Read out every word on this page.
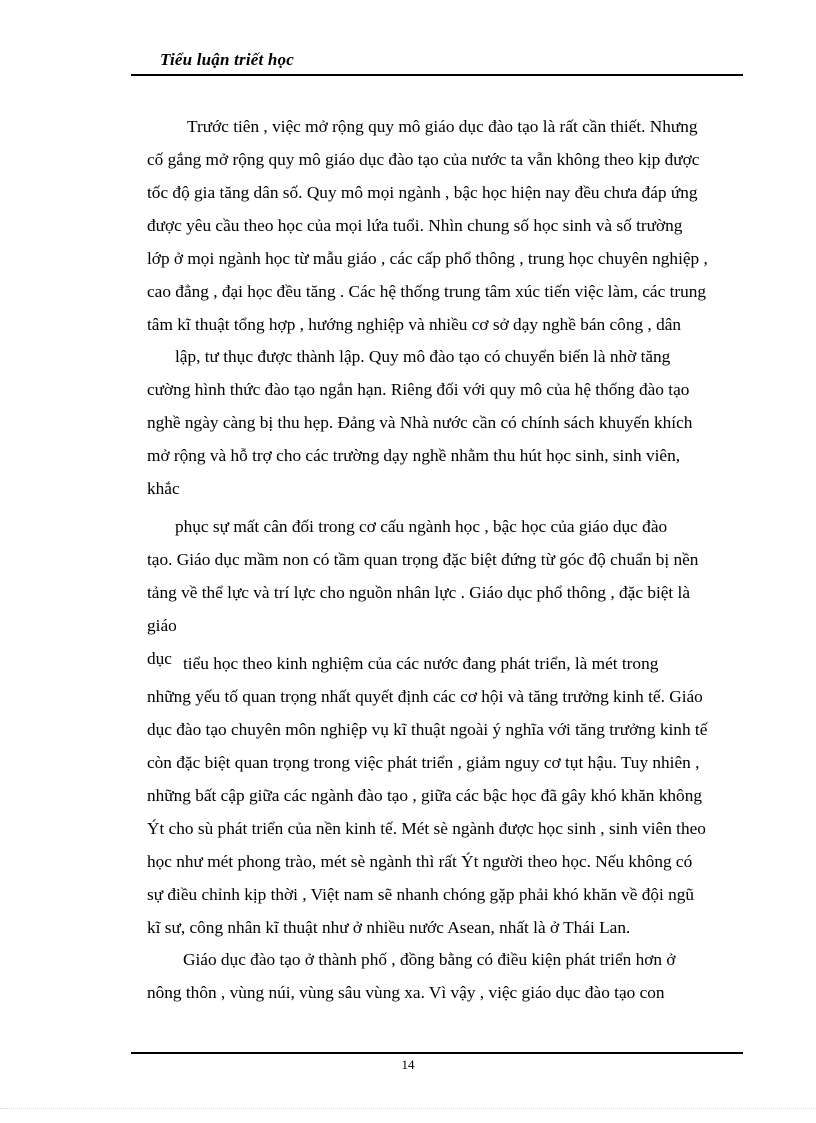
Tiểu luận triết học
Trước tiên , việc mở rộng quy mô giáo dục đào tạo là rất cần thiết. Nhưng
cố gắng mở rộng quy mô giáo dục đào tạo của nước ta vẫn không theo kịp được
tốc độ gia tăng dân số. Quy mô mọi ngành , bậc học hiện nay đều chưa đáp ứng
được yêu cầu theo học của mọi lứa tuổi. Nhìn chung số học sinh và số trường
lớp ở mọi ngành học từ mẫu giáo , các cấp phổ thông , trung học chuyên nghiệp ,
cao đẳng , đại học đều tăng . Các hệ thống trung tâm xúc tiến việc làm, các trung
tâm kĩ thuật tổng hợp , hướng nghiệp và nhiều cơ sở dạy nghề bán công , dân
lập, tư thục được thành lập. Quy mô đào tạo có chuyển biến là nhờ tăng
cường hình thức đào tạo ngắn hạn. Riêng đối với quy mô của hệ thống đào tạo
nghề ngày càng bị thu hẹp. Đảng và Nhà nước cần có chính sách khuyến khích
mở rộng và hỗ trợ cho các trường dạy nghề nhằm thu hút học sinh, sinh viên,
khắc
phục sự mất cân đối trong cơ cấu ngành học , bậc học của giáo dục đào
tạo. Giáo dục mầm non có tầm quan trọng đặc biệt đứng từ góc độ chuẩn bị nền
tảng về thể lực và trí lực cho nguồn nhân lực . Giáo dục phổ thông , đặc biệt là
giáo
dục tiểu học theo kinh nghiệm của các nước đang phát triển, là mét trong
những yếu tố quan trọng nhất quyết định các cơ hội và tăng trưởng kinh tế. Giáo
dục đào tạo chuyên môn nghiệp vụ kĩ thuật ngoài ý nghĩa với tăng trưởng kinh tế
còn đặc biệt quan trọng trong việc phát triển , giảm nguy cơ tụt hậu. Tuy nhiên ,
những bất cập giữa các ngành đào tạo , giữa các bậc học đã gây khó khăn không
Ýt cho sù phát triển của nền kinh tế. Mét sè ngành được học sinh , sinh viên theo
học như mét phong trào, mét sè ngành thì rất Ýt người theo học. Nếu không có
sự điều chỉnh kịp thời , Việt nam sẽ nhanh chóng gặp phải khó khăn về đội ngũ
kĩ sư, công nhân kĩ thuật như ở nhiều nước Asean, nhất là ở Thái Lan.
Giáo dục đào tạo ở thành phố , đồng bằng có điều kiện phát triển hơn ở
nông thôn , vùng núi, vùng sâu vùng xa. Vì vậy , việc giáo dục đào tạo con
14
